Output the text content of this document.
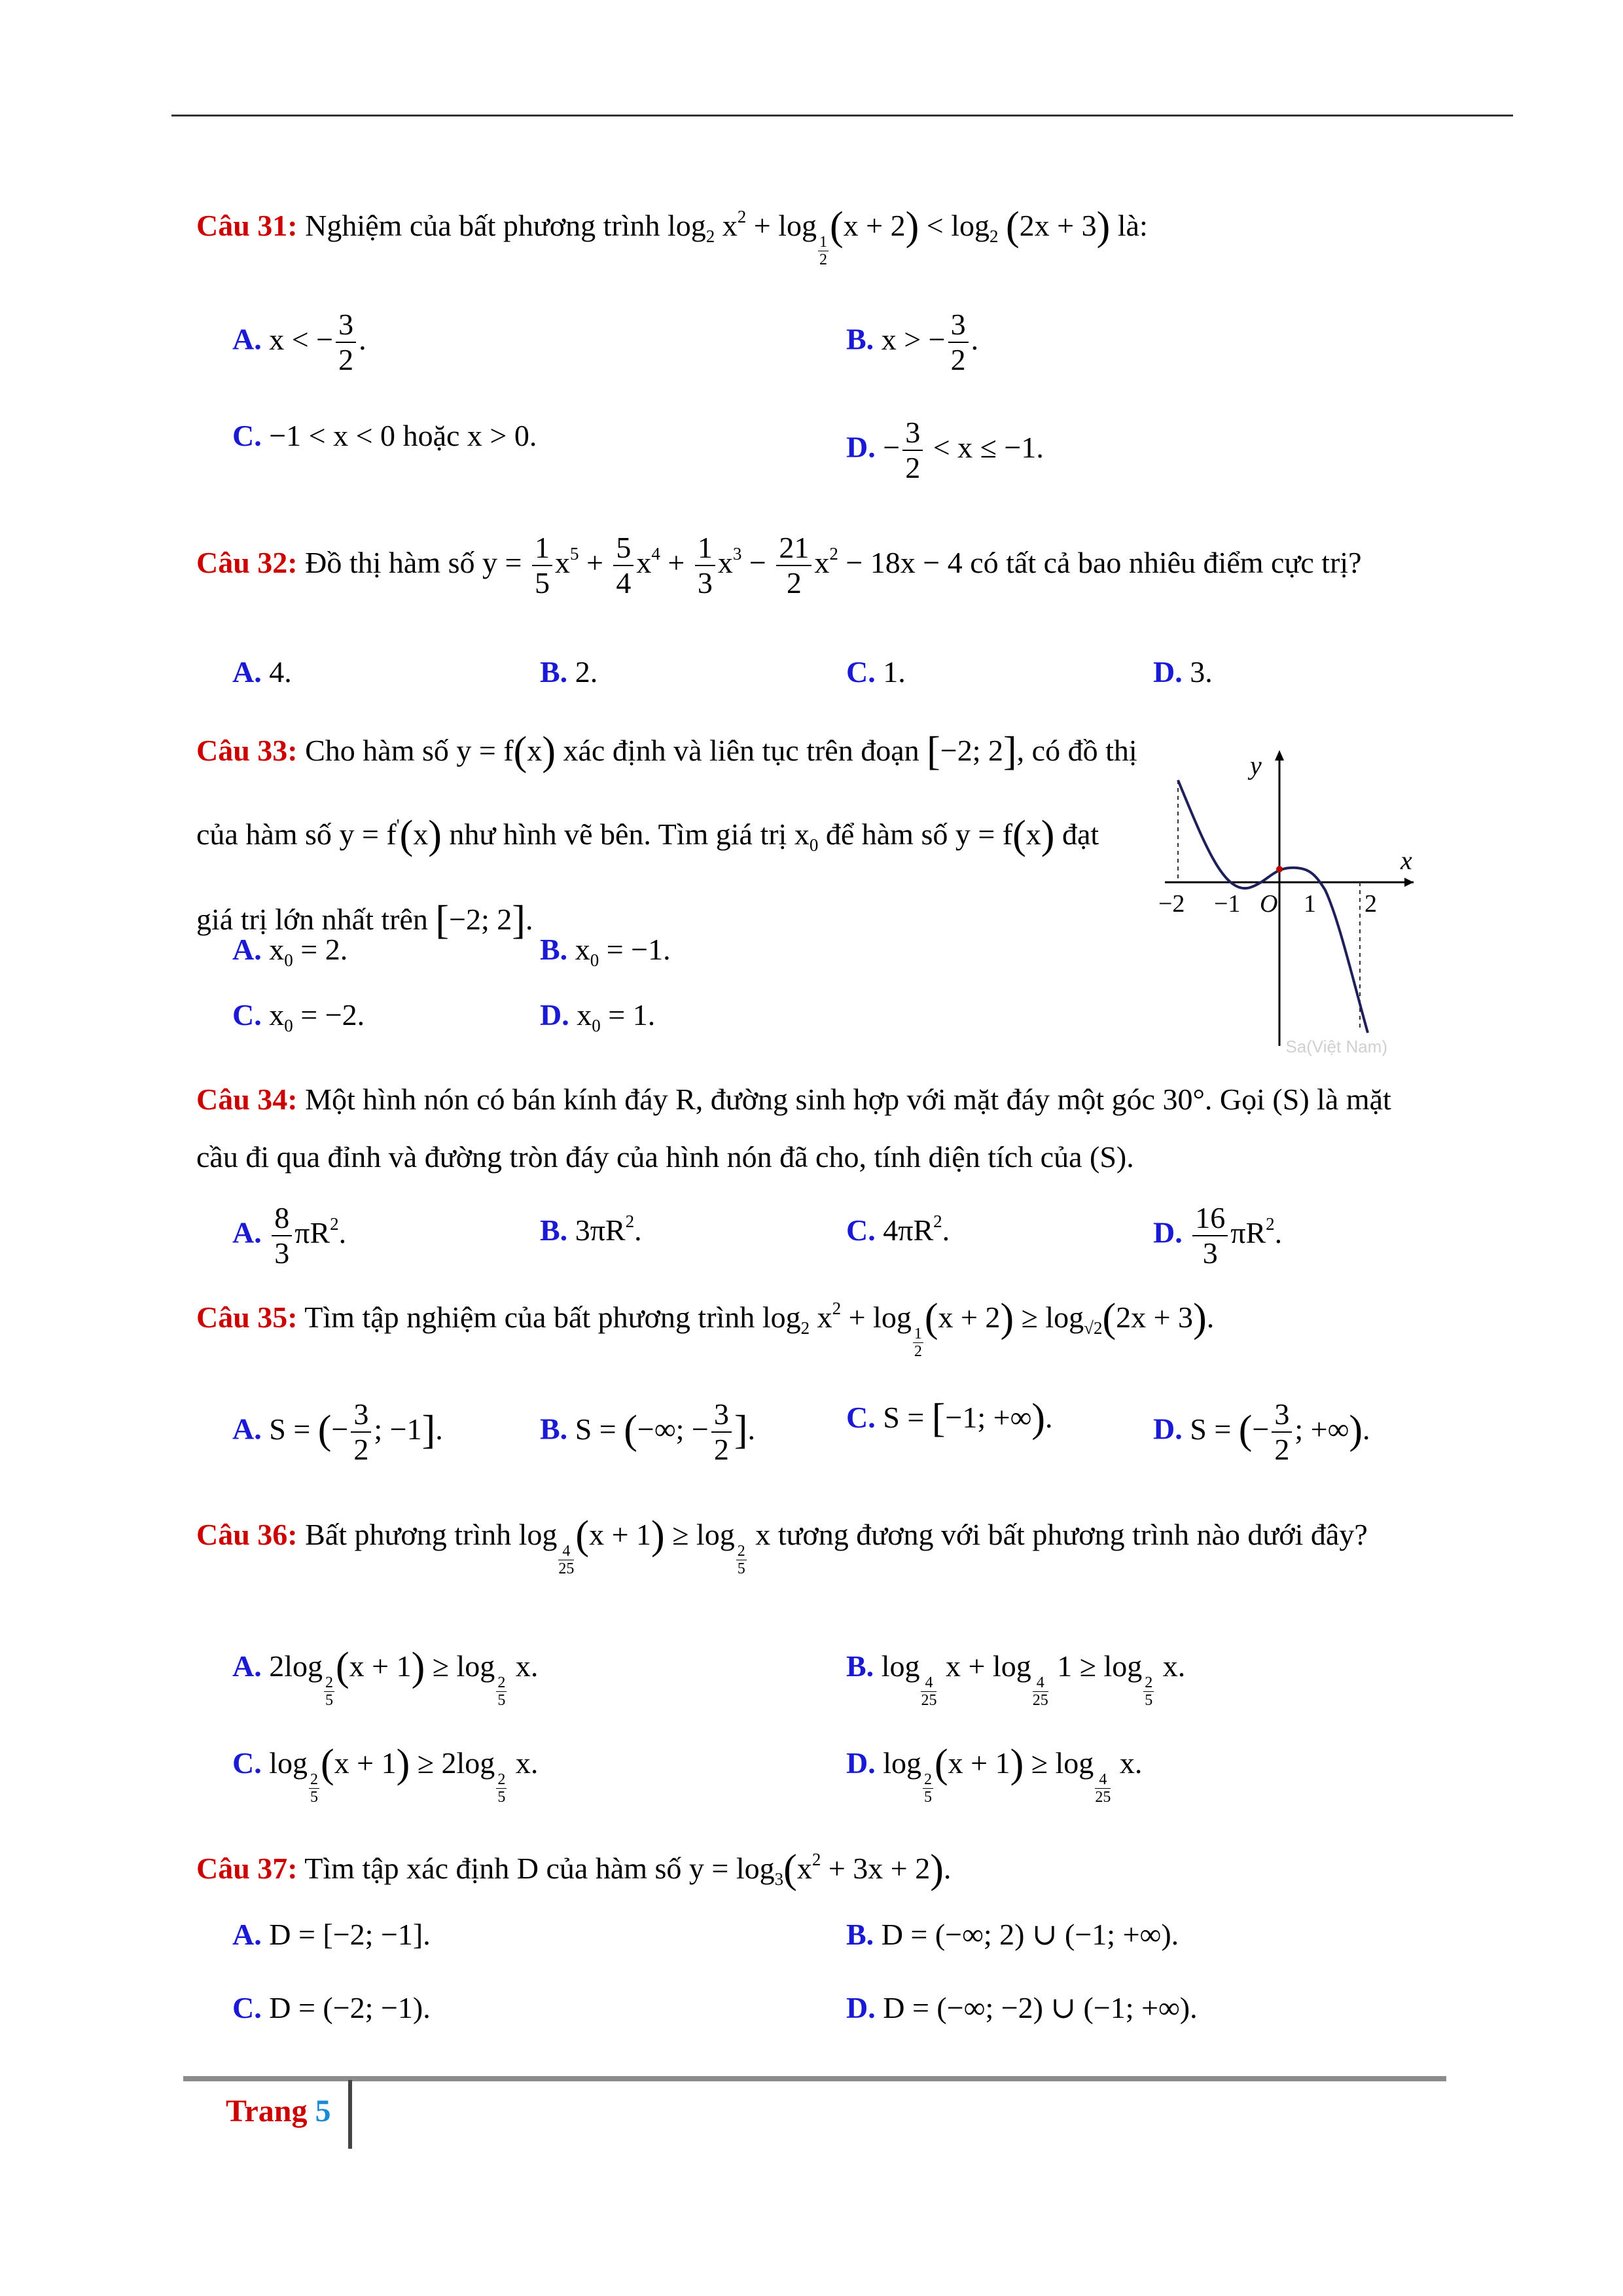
Câu 31: Nghiệm của bất phương trình $\log_2 x^2 + \log$
$\frac{1}{2}$
$(x + 2) < \log_2 (2x + 3)$ là:
A. x < − $\frac{3}{2}$ .	B. x > − $\frac{3}{2}$ .
C. −1 < x < 0 hoặc x > 0.	D. − $\frac{3}{2} < x \le -1$.
Câu 32: Đồ thị hàm số $y = \frac{1}{5} x^5 + \frac{5}{4} x^4 + \frac{1}{3} x^3 - \frac{21}{2} x^2 - 18x - 4$ có tất cả bao nhiêu điểm cực trị?
A. 4.	B. 2.	C. 1.	D. 3.
Câu 33: Cho hàm số y = f(x) xác định và liên tục trên đoạn [−2; 2], có đồ thị của hàm số y = f'(x) như hình vẽ bên. Tìm giá trị $x_0$ để hàm số y = f(x) đạt giá trị lớn nhất trên [−2; 2].
A. $x_0 = 2$.	B. $x_0 = -1$.
C. $x_0 = -2$.	D. $x_0 = 1$.
Sa(Việt Nam)
x
y
O
−2 −1	1 2
Câu 34: Một hình nón có bán kính đáy R, đường sinh hợp với mặt đáy một góc 30°. Gọi (S) là mặt cầu đi qua đỉnh và đường tròn đáy của hình nón đã cho, tính diện tích của (S).
A. $\frac{8}{3} \pi R^2$.	B. $3\pi R^2$.	C. $4\pi R^2$.	D. $\frac{16}{3} \pi R^2$.
Câu 35: Tìm tập nghiệm của bất phương trình $\log_2 x^2 + \log$
$\frac{1}{2}$
$(x + 2) \ge \log_{√2}(2x + 3)$.
A. S = (− $\frac{3}{2}$ ; −1].	B. S = (−∞; − $\frac{3}{2}$ ].	C. S = [−1; +∞).	D. S = (− $\frac{3}{2}$ ; +∞).
Câu 36: Bất phương trình log
$\frac{4}{25}$
(x + 1) ≥ log
$\frac{2}{5}$
x tương đương với bất phương trình nào dưới đây?
A. 2log
$\frac{2}{5}$
(x + 1) ≥ log
$\frac{2}{5}$
x.	B. log
$\frac{4}{25}$
x + log
$\frac{4}{25}$
1 ≥ log
$\frac{2}{5}$
x.
C. log
$\frac{2}{5}$
(x + 1) ≥ 2log
$\frac{2}{5}$
x.	D. log
$\frac{2}{5}$
(x + 1) ≥ log
$\frac{4}{25}$
x.
Câu 37: Tìm tập xác định D của hàm số $y = \log_3(x^2 + 3x + 2)$.
A. D = [−2; −1].	B. D = (−∞; 2) ∪ (−1; +∞).
C. D = (−2; −1).	D. D = (−∞; −2) ∪ (−1; +∞).
Trang 5
